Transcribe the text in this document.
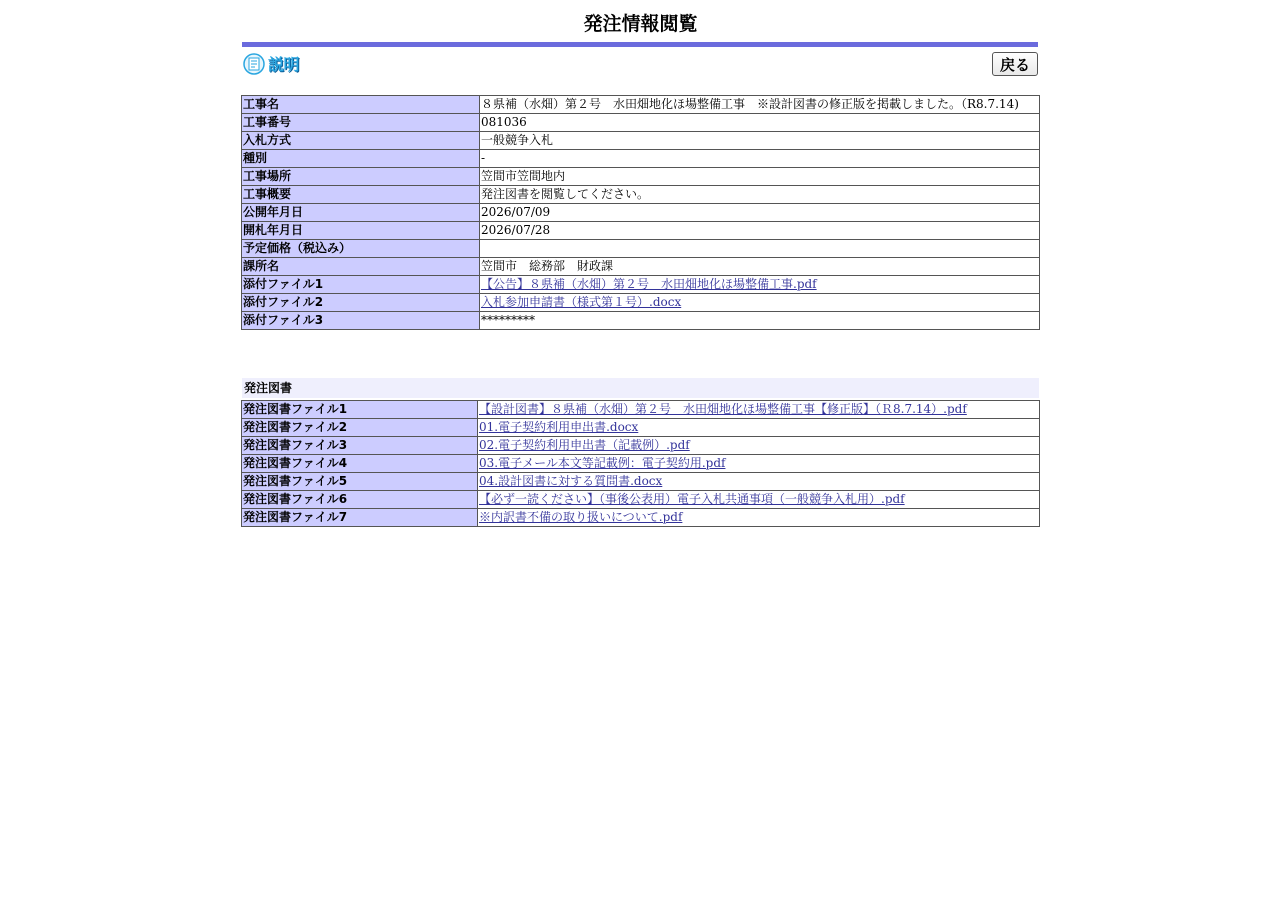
発注情報閲覧
説明	戻る
工事名	８県補（水畑）第２号　水田畑地化ほ場整備工事　※設計図書の修正版を掲載しました。（R8.7.14)
工事番号	081036
入札方式	一般競争入札
種別	-
工事場所	笠間市笠間地内
工事概要	発注図書を閲覧してください。
公開年月日	2026/07/09
開札年月日	2026/07/28
予定価格（税込み）	
課所名	笠間市　総務部　財政課
添付ファイル1	【公告】８県補（水畑）第２号　水田畑地化ほ場整備工事.pdf
添付ファイル2	入札参加申請書（様式第１号）.docx
添付ファイル3	*********
発注図書
発注図書ファイル1	【設計図書】８県補（水畑）第２号　水田畑地化ほ場整備工事【修正版】（Ｒ8.7.14）.pdf
発注図書ファイル2	01.電子契約利用申出書.docx
発注図書ファイル3	02.電子契約利用申出書（記載例）.pdf
発注図書ファイル4	03.電子メール本文等記載例：電子契約用.pdf
発注図書ファイル5	04.設計図書に対する質問書.docx
発注図書ファイル6	【必ず一読ください】（事後公表用）電子入札共通事項（一般競争入札用）.pdf
発注図書ファイル7	※内訳書不備の取り扱いについて.pdf
